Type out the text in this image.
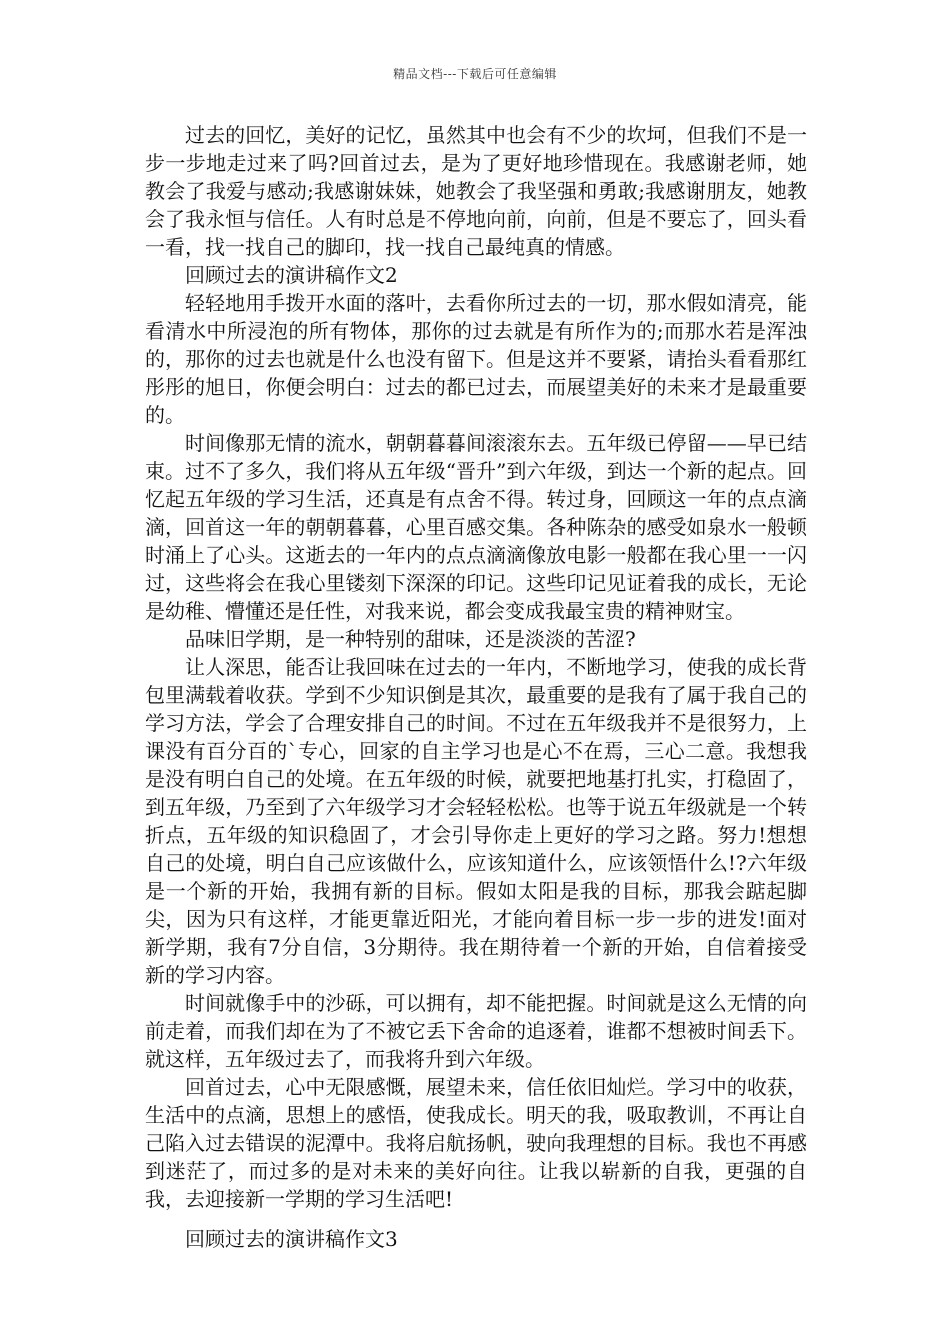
精品文档---下载后可任意编辑

过去的回忆，美好的记忆，虽然其中也会有不少的坎坷，但我们不是一步一步地走过来了吗?回首过去，是为了更好地珍惜现在。我感谢老师，她教会了我爱与感动;我感谢妹妹，她教会了我坚强和勇敢;我感谢朋友，她教会了我永恒与信任。人有时总是不停地向前，向前，但是不要忘了，回头看一看，找一找自己的脚印，找一找自己最纯真的情感。

回顾过去的演讲稿作文2

轻轻地用手拨开水面的落叶，去看你所过去的一切，那水假如清亮，能看清水中所浸泡的所有物体，那你的过去就是有所作为的;而那水若是浑浊的，那你的过去也就是什么也没有留下。但是这并不要紧，请抬头看看那红彤彤的旭日，你便会明白：过去的都已过去，而展望美好的未来才是最重要的。

时间像那无情的流水，朝朝暮暮间滚滚东去。五年级已停留——早已结束。过不了多久，我们将从五年级“晋升”到六年级，到达一个新的起点。回忆起五年级的学习生活，还真是有点舍不得。转过身，回顾这一年的点点滴滴，回首这一年的朝朝暮暮，心里百感交集。各种陈杂的感受如泉水一般顿时涌上了心头。这逝去的一年内的点点滴滴像放电影一般都在我心里一一闪过，这些将会在我心里镂刻下深深的印记。这些印记见证着我的成长，无论是幼稚、懵懂还是任性，对我来说，都会变成我最宝贵的精神财宝。

品味旧学期，是一种特别的甜味，还是淡淡的苦涩?

让人深思，能否让我回味在过去的一年内，不断地学习，使我的成长背包里满载着收获。学到不少知识倒是其次，最重要的是我有了属于我自己的学习方法，学会了合理安排自己的时间。不过在五年级我并不是很努力，上课没有百分百的`专心，回家的自主学习也是心不在焉，三心二意。我想我是没有明白自己的处境。在五年级的时候，就要把地基打扎实，打稳固了，到五年级，乃至到了六年级学习才会轻轻松松。也等于说五年级就是一个转折点，五年级的知识稳固了，才会引导你走上更好的学习之路。努力!想想自己的处境，明白自己应该做什么，应该知道什么，应该领悟什么!?六年级是一个新的开始，我拥有新的目标。假如太阳是我的目标，那我会踮起脚尖，因为只有这样，才能更靠近阳光，才能向着目标一步一步的进发!面对新学期，我有7分自信，3分期待。我在期待着一个新的开始，自信着接受新的学习内容。

时间就像手中的沙砾，可以拥有，却不能把握。时间就是这么无情的向前走着，而我们却在为了不被它丢下舍命的追逐着，谁都不想被时间丢下。就这样，五年级过去了，而我将升到六年级。

回首过去，心中无限感慨，展望未来，信任依旧灿烂。学习中的收获，生活中的点滴，思想上的感悟，使我成长。明天的我，吸取教训，不再让自己陷入过去错误的泥潭中。我将启航扬帆，驶向我理想的目标。我也不再感到迷茫了，而过多的是对未来的美好向往。让我以崭新的自我，更强的自我，去迎接新一学期的学习生活吧!

回顾过去的演讲稿作文3
